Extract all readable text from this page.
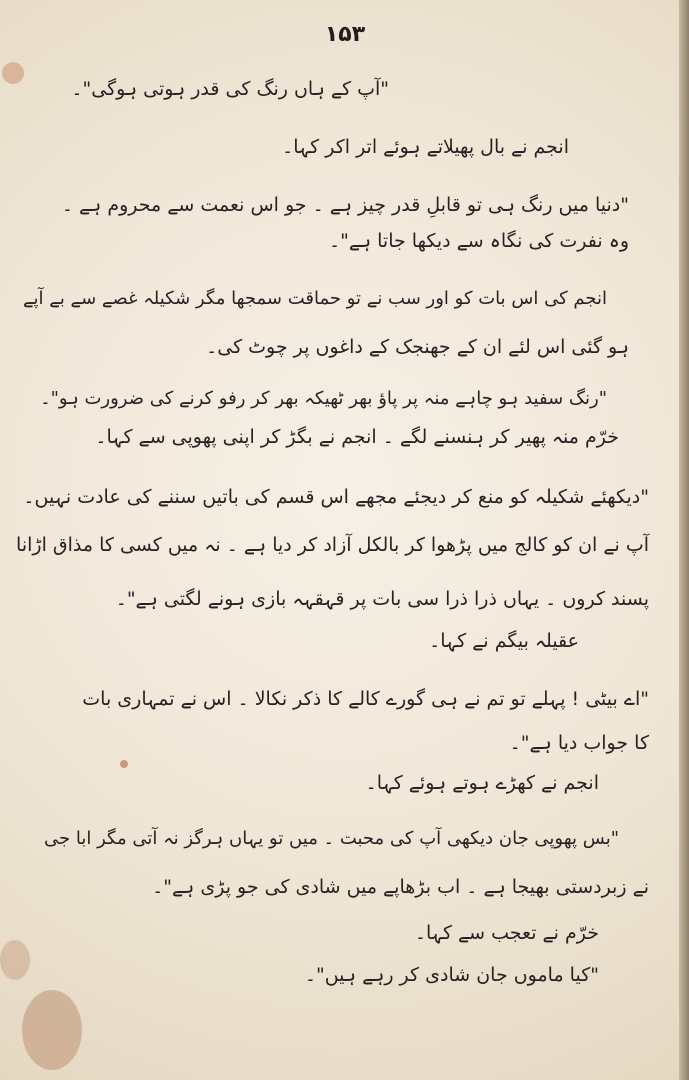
۱۵۳
"آپ کے ہاں رنگ کی قدر ہوتی ہوگی"۔
انجم نے بال پھیلاتے ہوئے اتر اکر کہا۔
"دنیا میں رنگ ہی تو قابلِ قدر چیز ہے ۔ جو اس نعمت سے محروم ہے ۔
وہ نفرت کی نگاہ سے دیکھا جاتا ہے"۔
انجم کی اس بات کو اور سب نے تو حماقت سمجھا مگر شکیلہ غصے سے بے آپے
ہو گئی اس لئے ان کے جھنجک کے داغوں پر چوٹ کی۔
"رنگ سفید ہو چاہے منہ پر پاؤ بھر ٹھیکہ بھر کر رفو کرنے کی ضرورت ہو"۔
خرّم منہ پھیر کر ہنسنے لگے ۔ انجم نے بگڑ کر اپنی پھوپی سے کہا۔
"دیکھئے شکیلہ کو منع کر دیجئے مجھے اس قسم کی باتیں سننے کی عادت نہیں۔
آپ نے ان کو کالج میں پڑھوا کر بالکل آزاد کر دیا ہے ۔ نہ میں کسی کا مذاق اڑانا
پسند کروں ۔ یہاں ذرا ذرا سی بات پر قہقہہ بازی ہونے لگتی ہے"۔
عقیلہ بیگم نے کہا۔
"اے بیٹی ! پہلے تو تم نے ہی گورے کالے کا ذکر نکالا ۔ اس نے تمہاری بات
کا جواب دیا ہے"۔
انجم نے کھڑے ہوتے ہوئے کہا۔
"بس پھوپی جان دیکھی آپ کی محبت ۔ میں تو یہاں ہرگز نہ آتی مگر ابا جی
نے زبردستی بھیجا ہے ۔ اب بڑھاپے میں شادی کی جو پڑی ہے"۔
خرّم نے تعجب سے کہا۔
"کیا ماموں جان شادی کر رہے ہیں"۔
